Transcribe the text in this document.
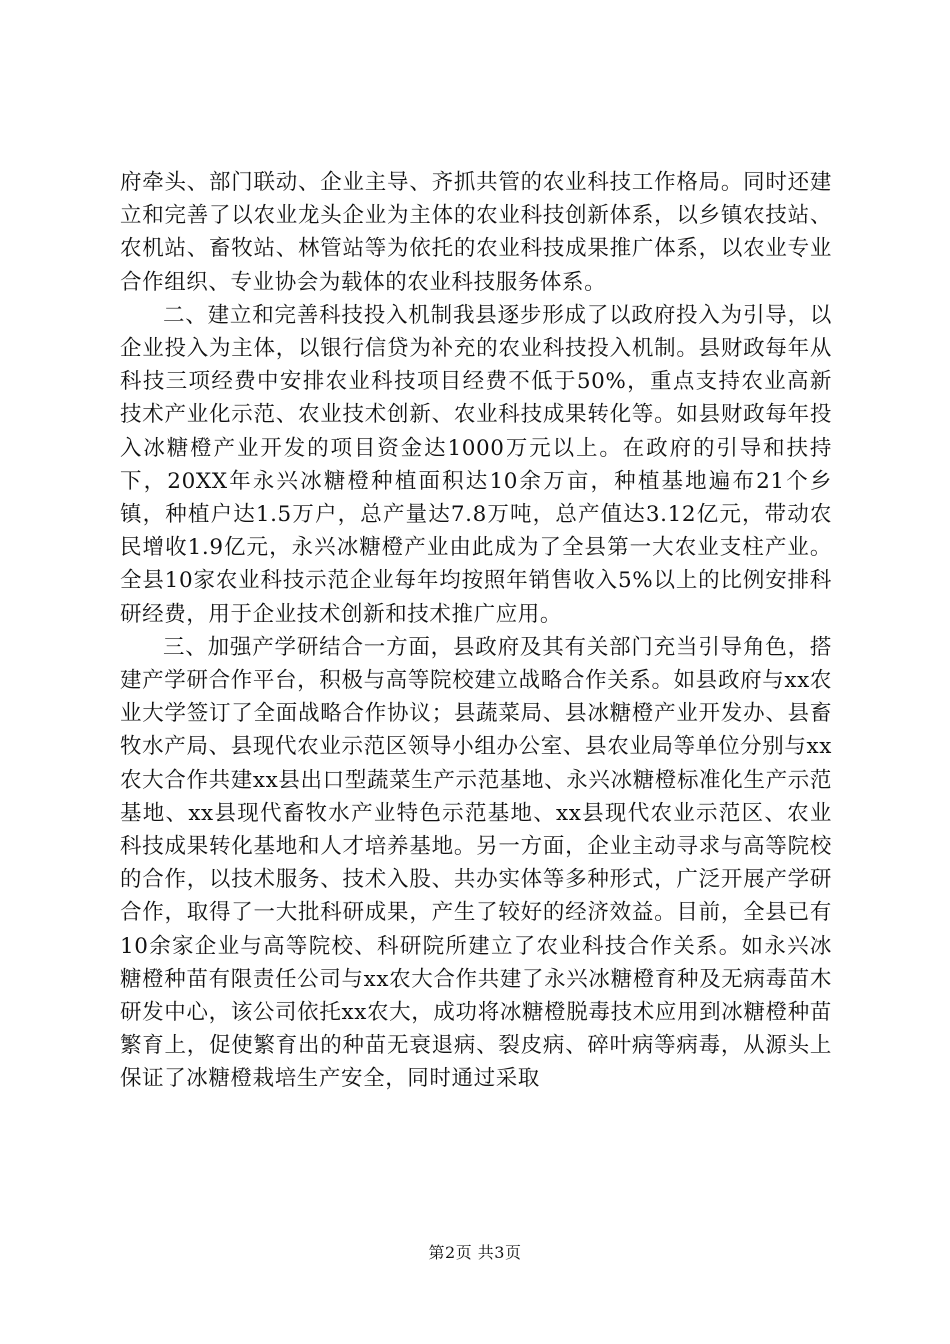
府牵头、部门联动、企业主导、齐抓共管的农业科技工作格局。同时还建立和完善了以农业龙头企业为主体的农业科技创新体系，以乡镇农技站、农机站、畜牧站、林管站等为依托的农业科技成果推广体系，以农业专业合作组织、专业协会为载体的农业科技服务体系。

二、建立和完善科技投入机制我县逐步形成了以政府投入为引导，以企业投入为主体，以银行信贷为补充的农业科技投入机制。县财政每年从科技三项经费中安排农业科技项目经费不低于50%，重点支持农业高新技术产业化示范、农业技术创新、农业科技成果转化等。如县财政每年投入冰糖橙产业开发的项目资金达1000万元以上。在政府的引导和扶持下，20XX年永兴冰糖橙种植面积达10余万亩，种植基地遍布21个乡镇，种植户达1.5万户，总产量达7.8万吨，总产值达3.12亿元，带动农民增收1.9亿元，永兴冰糖橙产业由此成为了全县第一大农业支柱产业。全县10家农业科技示范企业每年均按照年销售收入5%以上的比例安排科研经费，用于企业技术创新和技术推广应用。

三、加强产学研结合一方面，县政府及其有关部门充当引导角色，搭建产学研合作平台，积极与高等院校建立战略合作关系。如县政府与xx农业大学签订了全面战略合作协议；县蔬菜局、县冰糖橙产业开发办、县畜牧水产局、县现代农业示范区领导小组办公室、县农业局等单位分别与xx农大合作共建xx县出口型蔬菜生产示范基地、永兴冰糖橙标准化生产示范基地、xx县现代畜牧水产业特色示范基地、xx县现代农业示范区、农业科技成果转化基地和人才培养基地。另一方面，企业主动寻求与高等院校的合作，以技术服务、技术入股、共办实体等多种形式，广泛开展产学研合作，取得了一大批科研成果，产生了较好的经济效益。目前，全县已有10余家企业与高等院校、科研院所建立了农业科技合作关系。如永兴冰糖橙种苗有限责任公司与xx农大合作共建了永兴冰糖橙育种及无病毒苗木研发中心，该公司依托xx农大，成功将冰糖橙脱毒技术应用到冰糖橙种苗繁育上，促使繁育出的种苗无衰退病、裂皮病、碎叶病等病毒，从源头上保证了冰糖橙栽培生产安全，同时通过采取

第2页 共3页
